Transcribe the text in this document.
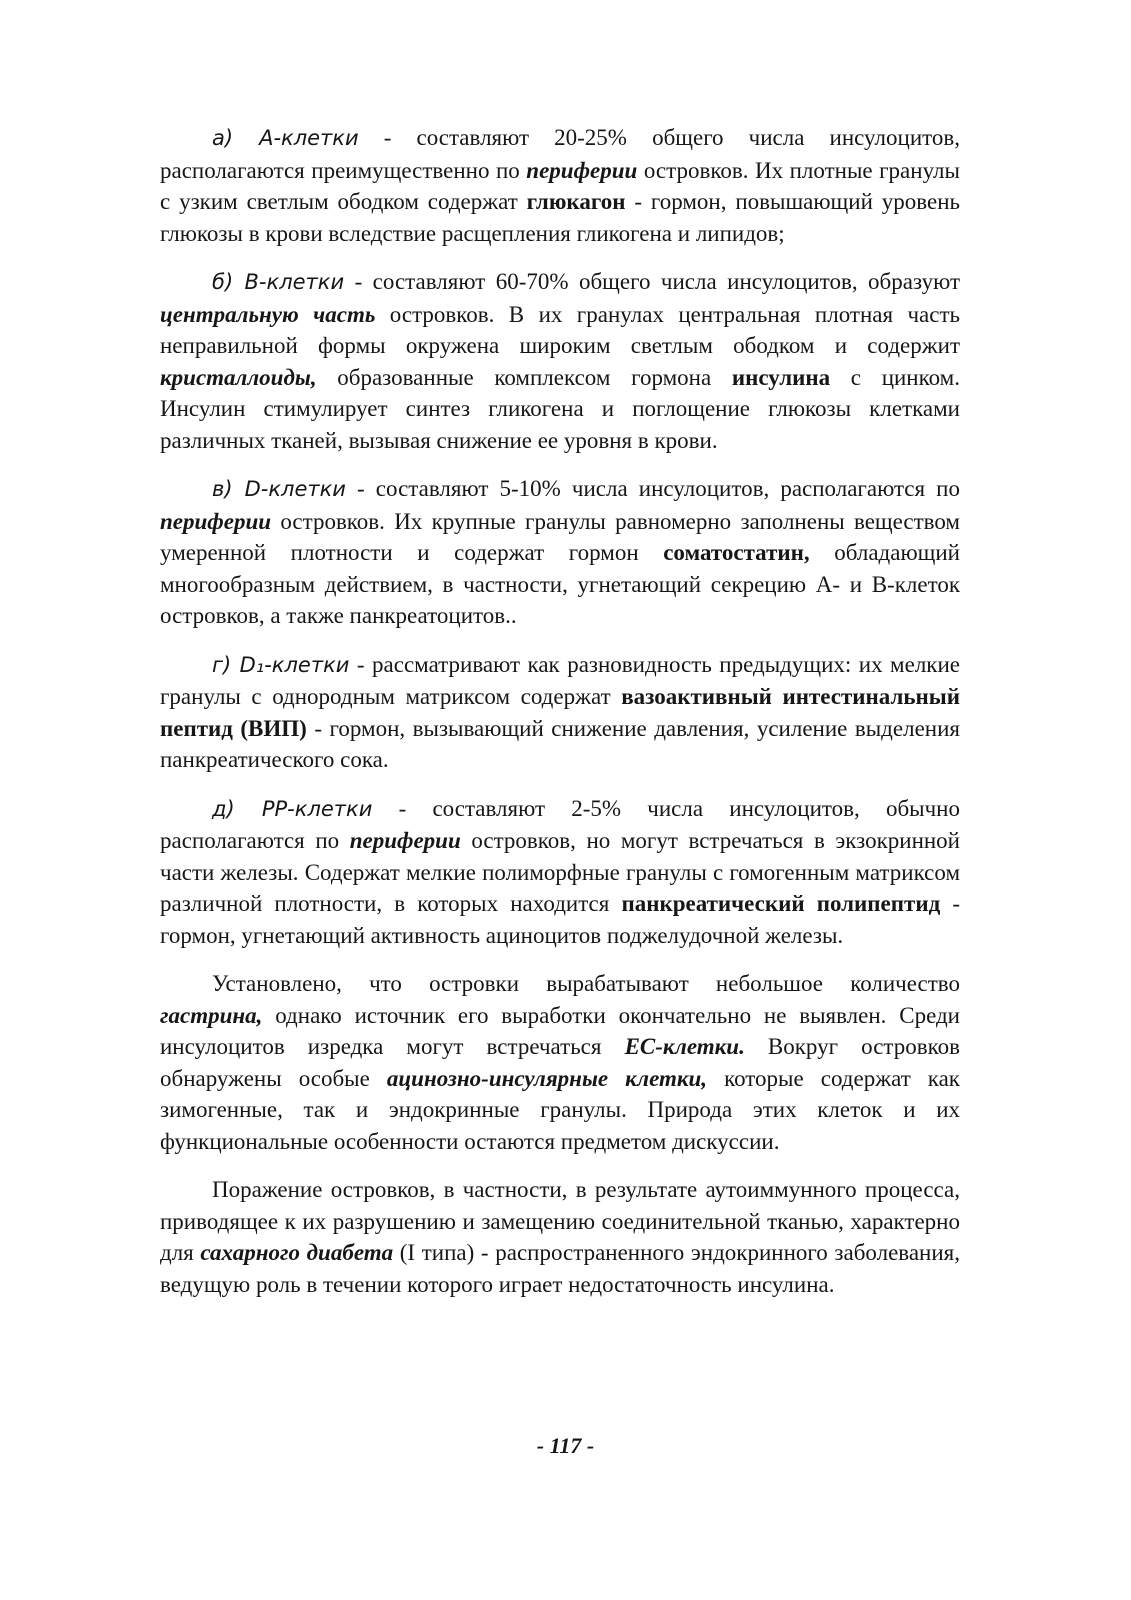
а) А-клетки - составляют 20-25% общего числа инсулоцитов, располагаются преимущественно по периферии островков. Их плотные гранулы с узким светлым ободком содержат глюкагон - гормон, повышающий уровень глюкозы в крови вследствие расщепления гликогена и липидов;

б) В-клетки - составляют 60-70% общего числа инсулоцитов, образуют центральную часть островков. В их гранулах центральная плотная часть неправильной формы окружена широким светлым ободком и содержит кристаллоиды, образованные комплексом гормона инсулина с цинком. Инсулин стимулирует синтез гликогена и поглощение глюкозы клетками различных тканей, вызывая снижение ее уровня в крови.

в) D-клетки - составляют 5-10% числа инсулоцитов, располагаются по периферии островков. Их крупные гранулы равномерно заполнены веществом умеренной плотности и содержат гормон соматостатин, обладающий многообразным действием, в частности, угнетающий секрецию А- и В-клеток островков, а также панкреатоцитов..

г) D₁-клетки - рассматривают как разновидность предыдущих: их мелкие гранулы с однородным матриксом содержат вазоактивный интестинальный пептид (ВИП) - гормон, вызывающий снижение давления, усиление выделения панкреатического сока.

д) РР-клетки - составляют 2-5% числа инсулоцитов, обычно располагаются по периферии островков, но могут встречаться в экзокринной части железы. Содержат мелкие полиморфные гранулы с гомогенным матриксом различной плотности, в которых находится панкреатический полипептид - гормон, угнетающий активность ациноцитов поджелудочной железы.

Установлено, что островки вырабатывают небольшое количество гастрина, однако источник его выработки окончательно не выявлен. Среди инсулоцитов изредка могут встречаться ЕС-клетки. Вокруг островков обнаружены особые ацинозно-инсулярные клетки, которые содержат как зимогенные, так и эндокринные гранулы. Природа этих клеток и их функциональные особенности остаются предметом дискуссии.

Поражение островков, в частности, в результате аутоиммунного процесса, приводящее к их разрушению и замещению соединительной тканью, характерно для сахарного диабета (I типа) - распространенного эндокринного заболевания, ведущую роль в течении которого играет недостаточность инсулина.

- 117 -
